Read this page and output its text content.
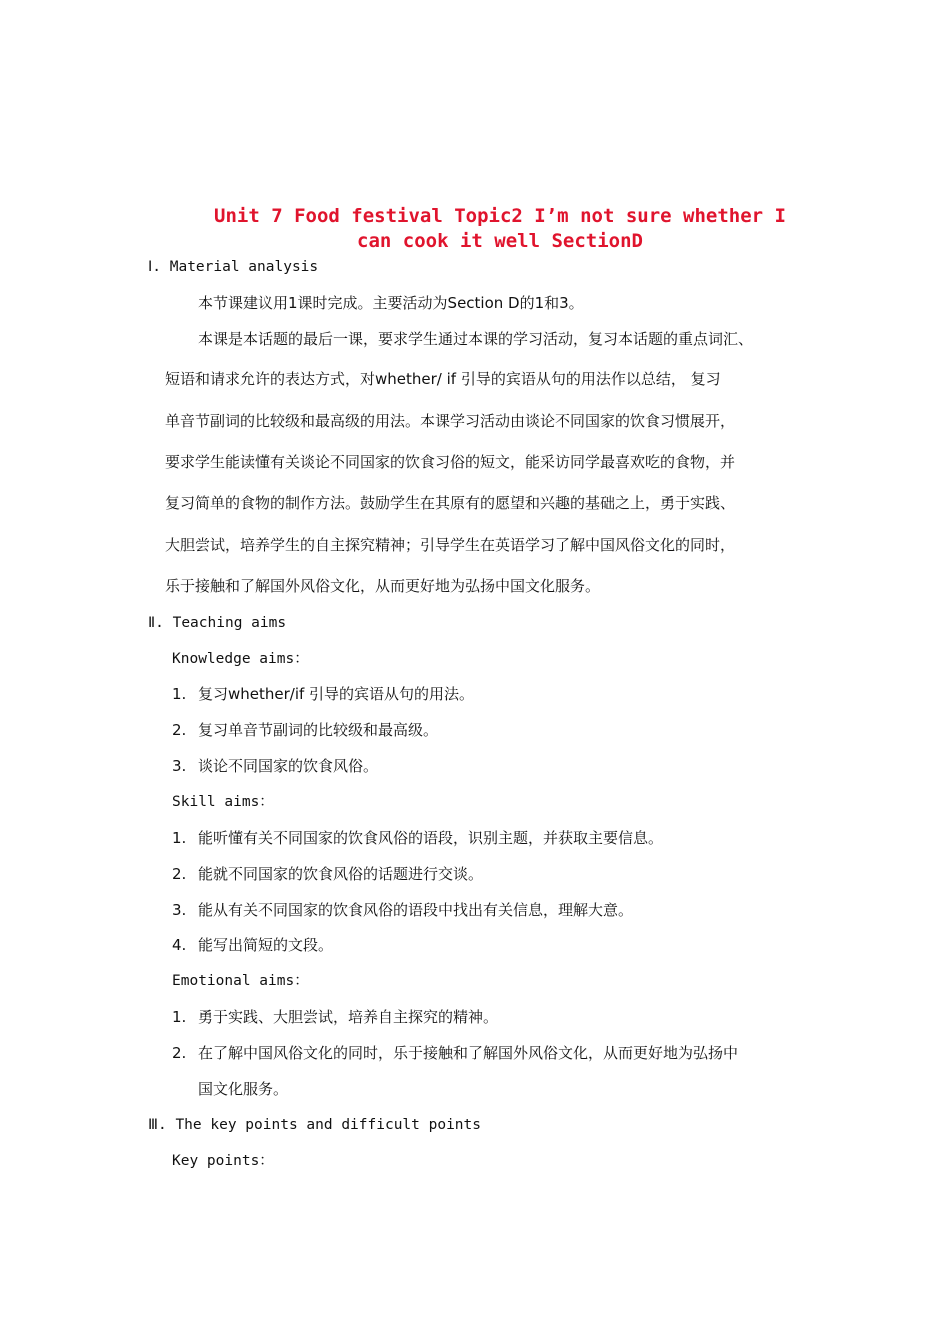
Unit 7 Food festival Topic2 I’m not sure whether I
can cook it well SectionD
Ⅰ. Material analysis
本节课建议用1课时完成。主要活动为Section D的1和3。
本课是本话题的最后一课，要求学生通过本课的学习活动，复习本话题的重点词汇、
短语和请求允许的表达方式，对whether/ if 引导的宾语从句的用法作以总结， 复习
单音节副词的比较级和最高级的用法。本课学习活动由谈论不同国家的饮食习惯展开，
要求学生能读懂有关谈论不同国家的饮食习俗的短文，能采访同学最喜欢吃的食物，并
复习简单的食物的制作方法。鼓励学生在其原有的愿望和兴趣的基础之上，勇于实践、
大胆尝试，培养学生的自主探究精神；引导学生在英语学习了解中国风俗文化的同时，
乐于接触和了解国外风俗文化，从而更好地为弘扬中国文化服务。
Ⅱ. Teaching aims
Knowledge aims：
1. 复习whether/if 引导的宾语从句的用法。
2. 复习单音节副词的比较级和最高级。
3. 谈论不同国家的饮食风俗。
Skill aims：
1. 能听懂有关不同国家的饮食风俗的语段，识别主题，并获取主要信息。
2. 能就不同国家的饮食风俗的话题进行交谈。
3. 能从有关不同国家的饮食风俗的语段中找出有关信息，理解大意。
4. 能写出简短的文段。
Emotional aims：
1. 勇于实践、大胆尝试，培养自主探究的精神。
2. 在了解中国风俗文化的同时，乐于接触和了解国外风俗文化，从而更好地为弘扬中
国文化服务。
Ⅲ. The key points and difficult points
Key points：
